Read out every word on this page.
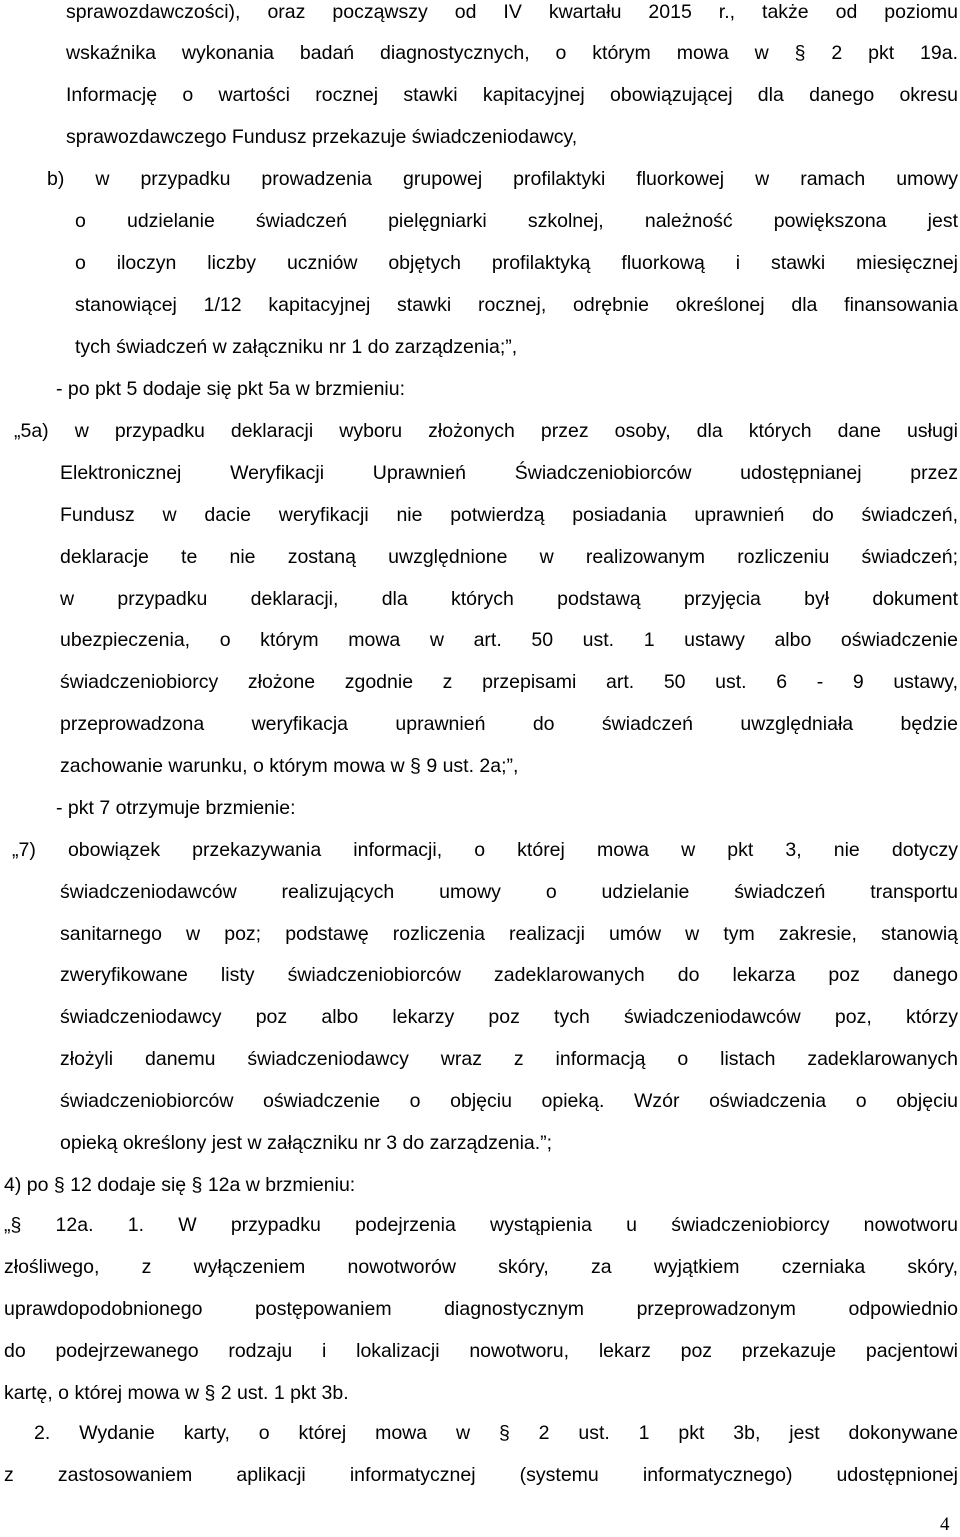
sprawozdawczości), oraz począwszy od IV kwartału 2015 r., także od poziomu
wskaźnika wykonania badań diagnostycznych, o którym mowa w § 2 pkt 19a.
Informację o wartości rocznej stawki kapitacyjnej obowiązującej dla danego okresu
sprawozdawczego Fundusz przekazuje świadczeniodawcy,
b) w przypadku prowadzenia grupowej profilaktyki fluorkowej w ramach umowy
o udzielanie świadczeń pielęgniarki szkolnej, należność powiększona jest
o iloczyn liczby uczniów objętych profilaktyką fluorkową i stawki miesięcznej
stanowiącej 1/12 kapitacyjnej stawki rocznej, odrębnie określonej dla finansowania
tych świadczeń w załączniku nr 1 do zarządzenia;”,
- po pkt 5 dodaje się pkt 5a w brzmieniu:
„5a) w przypadku deklaracji wyboru złożonych przez osoby, dla których dane usługi
Elektronicznej Weryfikacji Uprawnień Świadczeniobiorców udostępnianej przez
Fundusz w dacie weryfikacji nie potwierdzą posiadania uprawnień do świadczeń,
deklaracje te nie zostaną uwzględnione w realizowanym rozliczeniu świadczeń;
w przypadku deklaracji, dla których podstawą przyjęcia był dokument
ubezpieczenia, o którym mowa w art. 50 ust. 1 ustawy albo oświadczenie
świadczeniobiorcy złożone zgodnie z przepisami art. 50 ust. 6 - 9 ustawy,
przeprowadzona weryfikacja uprawnień do świadczeń uwzględniała będzie
zachowanie warunku, o którym mowa w § 9 ust. 2a;”,
- pkt 7 otrzymuje brzmienie:
„7) obowiązek przekazywania informacji, o której mowa w pkt 3, nie dotyczy
świadczeniodawców realizujących umowy o udzielanie świadczeń transportu
sanitarnego w poz; podstawę rozliczenia realizacji umów w tym zakresie, stanowią
zweryfikowane listy świadczeniobiorców zadeklarowanych do lekarza poz danego
świadczeniodawcy poz albo lekarzy poz tych świadczeniodawców poz, którzy
złożyli danemu świadczeniodawcy wraz z informacją o listach zadeklarowanych
świadczeniobiorców oświadczenie o objęciu opieką. Wzór oświadczenia o objęciu
opieką określony jest w załączniku nr 3 do zarządzenia.”;
4) po § 12 dodaje się § 12a w brzmieniu:
„§ 12a. 1. W przypadku podejrzenia wystąpienia u świadczeniobiorcy nowotworu
złośliwego, z wyłączeniem nowotworów skóry, za wyjątkiem czerniaka skóry,
uprawdopodobnionego postępowaniem diagnostycznym przeprowadzonym odpowiednio
do podejrzewanego rodzaju i lokalizacji nowotworu, lekarz poz przekazuje pacjentowi
kartę, o której mowa w § 2 ust. 1 pkt 3b.
2. Wydanie karty, o której mowa w § 2 ust. 1 pkt 3b, jest dokonywane
z zastosowaniem aplikacji informatycznej (systemu informatycznego) udostępnionej
4
